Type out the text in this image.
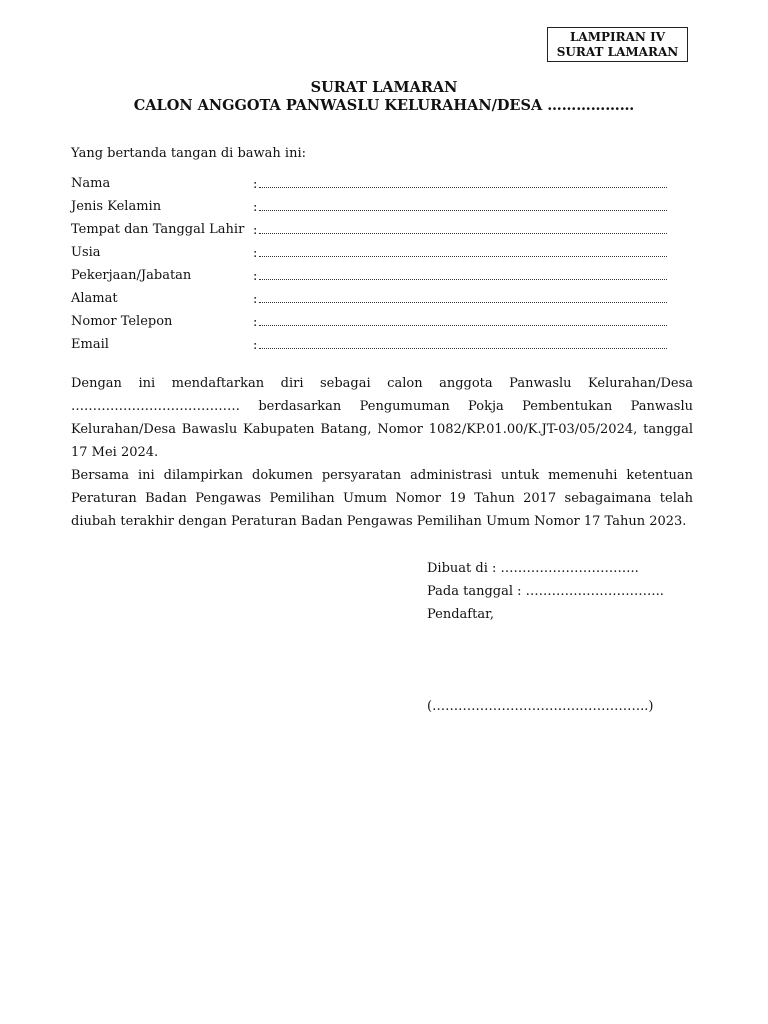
LAMPIRAN IV
SURAT LAMARAN
SURAT LAMARAN
CALON ANGGOTA PANWASLU KELURAHAN/DESA ………………
Yang bertanda tangan di bawah ini:
Nama	:
Jenis Kelamin	:
Tempat dan Tanggal Lahir :
Usia	:
Pekerjaan/Jabatan	:
Alamat	:
Nomor Telepon	:
Email	:

Dengan ini mendaftarkan diri sebagai calon anggota Panwaslu Kelurahan/Desa ………………………………… berdasarkan Pengumuman Pokja Pembentukan Panwaslu Kelurahan/Desa Bawaslu Kabupaten Batang, Nomor 1082/KP.01.00/K.JT-03/05/2024, tanggal 17 Mei 2024.

Bersama ini dilampirkan dokumen persyaratan administrasi untuk memenuhi ketentuan Peraturan Badan Pengawas Pemilihan Umum Nomor 19 Tahun 2017 sebagaimana telah diubah terakhir dengan Peraturan Badan Pengawas Pemilihan Umum Nomor 17 Tahun 2023.

Dibuat di : …………………………..
Pada tanggal : …………………………..
Pendaftar,
(…………………………………………..)
